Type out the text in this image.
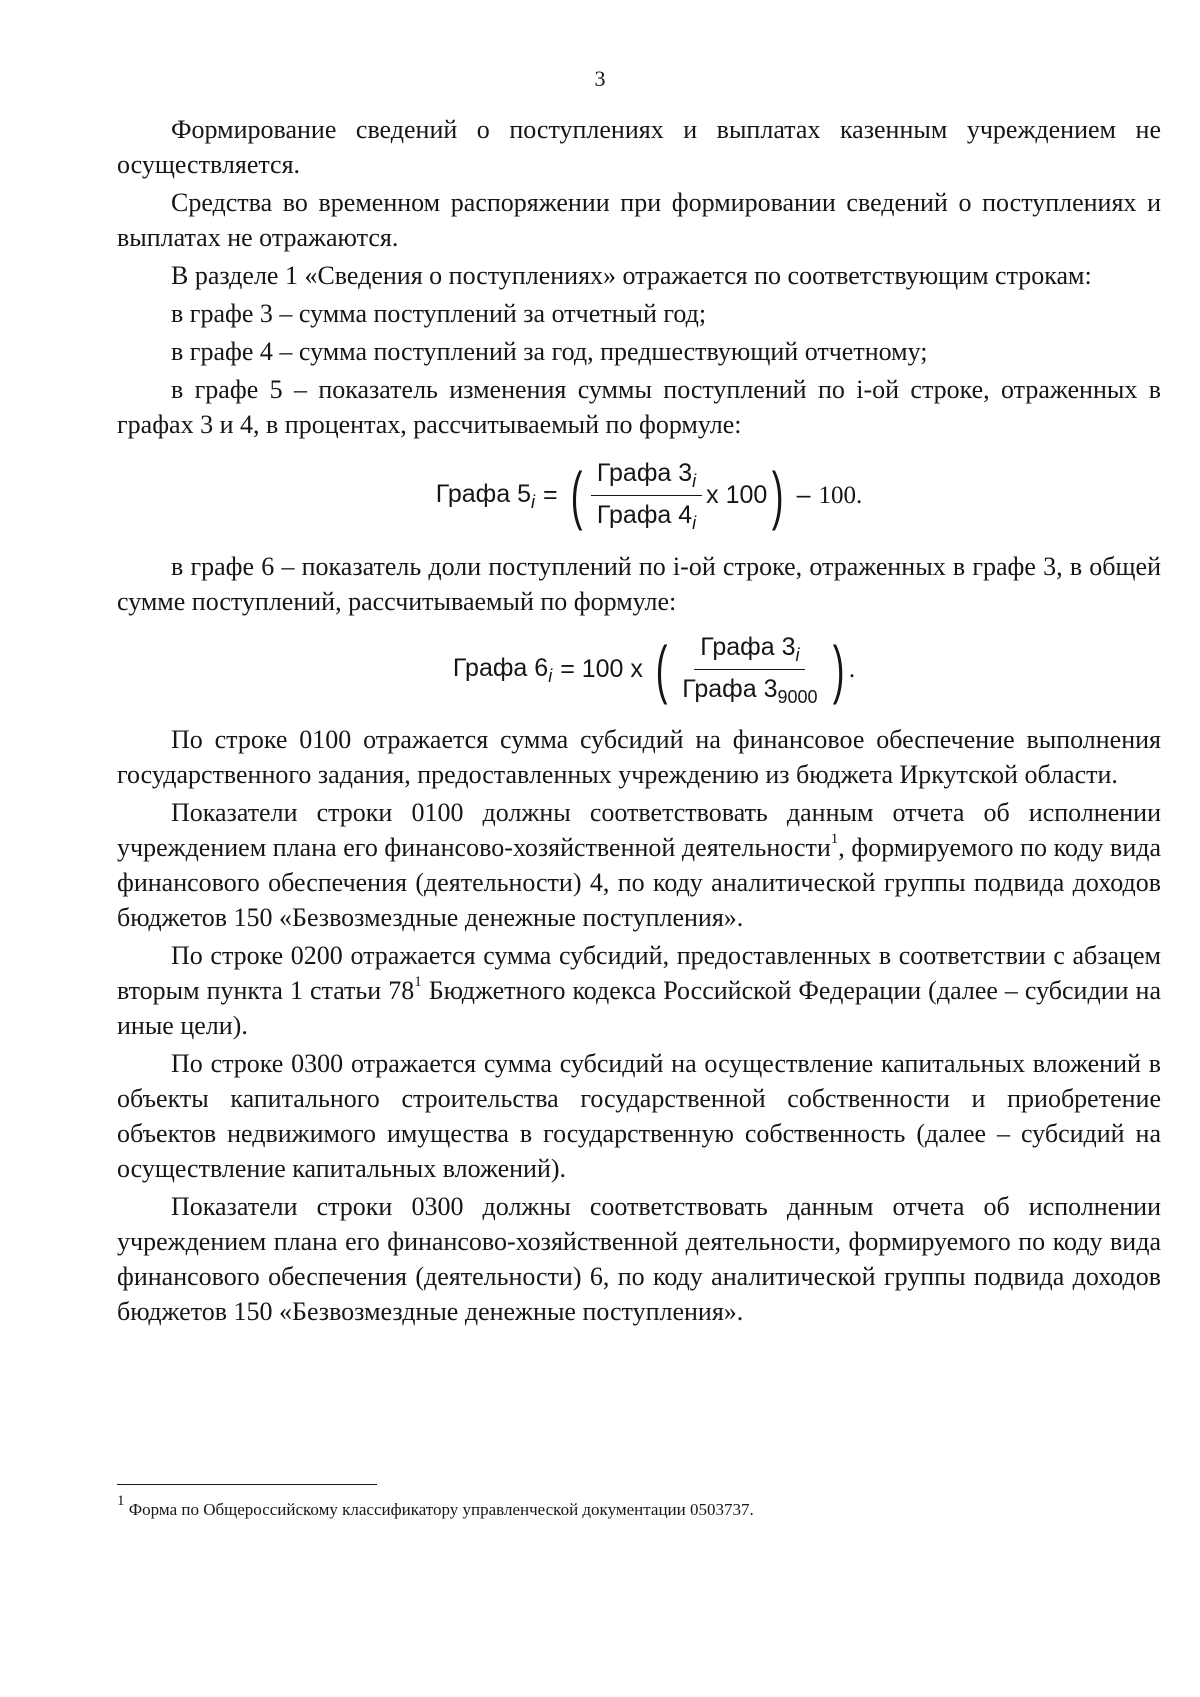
3

Формирование сведений о поступлениях и выплатах казенным учреждением не осуществляется.

Средства во временном распоряжении при формировании сведений о поступлениях и выплатах не отражаются.

В разделе 1 «Сведения о поступлениях» отражается по соответствующим строкам:

в графе 3 – сумма поступлений за отчетный год;

в графе 4 – сумма поступлений за год, предшествующий отчетному;

в графе 5 – показатель изменения суммы поступлений по і-ой строке, отраженных в графах 3 и 4, в процентах, рассчитываемый по формуле:

Графа $5_i$ = ( $\frac{Графа 3_i}{Графа 4_i}$ х 100 ) – 100.

в графе 6 – показатель доли поступлений по і-ой строке, отраженных в графе 3, в общей сумме поступлений, рассчитываемый по формуле:

Графа $6_i = 100$ х ( $\frac{Графа 3_i}{Графа 3_{9000}}$ ) .

По строке 0100 отражается сумма субсидий на финансовое обеспечение выполнения государственного задания, предоставленных учреждению из бюджета Иркутской области.

Показатели строки 0100 должны соответствовать данным отчета об исполнении учреждением плана его финансово-хозяйственной деятельности$^1$, формируемого по коду вида финансового обеспечения (деятельности) 4, по коду аналитической группы подвида доходов бюджетов 150 «Безвозмездные денежные поступления».

По строке 0200 отражается сумма субсидий, предоставленных в соответствии с абзацем вторым пункта 1 статьи $78^1$ Бюджетного кодекса Российской Федерации (далее – субсидии на иные цели).

По строке 0300 отражается сумма субсидий на осуществление капитальных вложений в объекты капитального строительства государственной собственности и приобретение объектов недвижимого имущества в государственную собственность (далее – субсидий на осуществление капитальных вложений).

Показатели строки 0300 должны соответствовать данным отчета об исполнении учреждением плана его финансово-хозяйственной деятельности, формируемого по коду вида финансового обеспечения (деятельности) 6, по коду аналитической группы подвида доходов бюджетов 150 «Безвозмездные денежные поступления».

$^1$ Форма по Общероссийскому классификатору управленческой документации 0503737.
